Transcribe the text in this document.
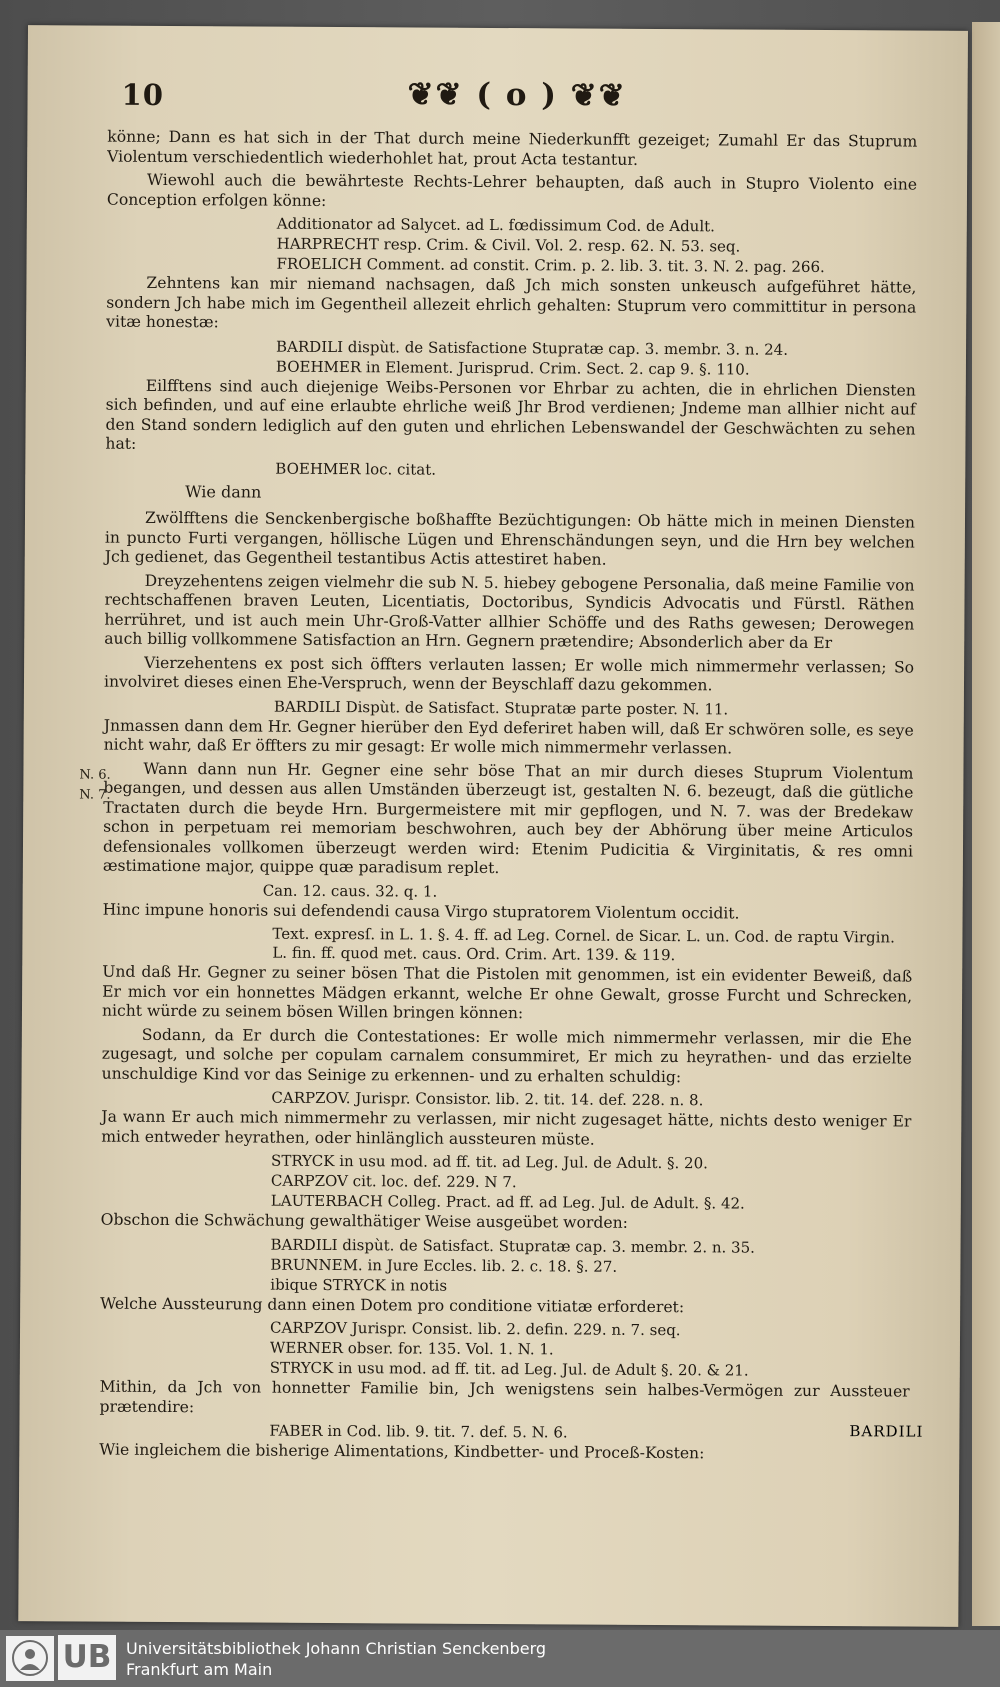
10	❦❦ ( o ) ❦❦
könne; Dann es hat sich in der That durch meine Niederkunfft gezeiget; Zumahl Er das Stuprum Violentum verschiedentlich wiederhohlet hat, prout Acta testantur.
Wiewohl auch die bewährteste Rechts-Lehrer behaupten, daß auch in Stupro Violento eine Conception erfolgen könne:
Additionator ad Salycet. ad L. fœdissimum Cod. de Adult.
HARPRECHT resp. Crim. & Civil. Vol. 2. resp. 62. N. 53. seq.
FROELICH Comment. ad constit. Crim. p. 2. lib. 3. tit. 3. N. 2. pag. 266.
Zehntens kan mir niemand nachsagen, daß Jch mich sonsten unkeusch aufgeführet hätte, sondern Jch habe mich im Gegentheil allezeit ehrlich gehalten: Stuprum vero committitur in persona vitæ honestæ:
BARDILI dispùt. de Satisfactione Stupratæ cap. 3. membr. 3. n. 24.
BOEHMER in Element. Jurisprud. Crim. Sect. 2. cap 9. §. 110.
Eilfftens sind auch diejenige Weibs-Personen vor Ehrbar zu achten, die in ehrlichen Diensten sich befinden, und auf eine erlaubte ehrliche weiß Jhr Brod verdienen; Jndeme man allhier nicht auf den Stand sondern lediglich auf den guten und ehrlichen Lebenswandel der Geschwächten zu sehen hat:
BOEHMER loc. citat.
Wie dann
Zwölfftens die Senckenbergische boßhaffte Bezüchtigungen: Ob hätte mich in meinen Diensten in puncto Furti vergangen, höllische Lügen und Ehrenschändungen seyn, und die Hrn bey welchen Jch gedienet, das Gegentheil testantibus Actis attestiret haben.
Dreyzehentens zeigen vielmehr die sub N. 5. hiebey gebogene Personalia, daß meine Familie von rechtschaffenen braven Leuten, Licentiatis, Doctoribus, Syndicis Advocatis und Fürstl. Räthen herrühret, und ist auch mein Uhr-Groß-Vatter allhier Schöffe und des Raths gewesen; Derowegen auch billig vollkommene Satisfaction an Hrn. Gegnern prætendire; Absonderlich aber da Er
Vierzehentens ex post sich öffters verlauten lassen; Er wolle mich nimmermehr verlassen; So involviret dieses einen Ehe-Verspruch, wenn der Beyschlaff dazu gekommen.
BARDILI Dispùt. de Satisfact. Stupratæ parte poster. N. 11.
Jnmassen dann dem Hr. Gegner hierüber den Eyd deferiret haben will, daß Er schwören solle, es seye nicht wahr, daß Er öffters zu mir gesagt: Er wolle mich nimmermehr verlassen.
Wann dann nun Hr. Gegner eine sehr böse That an mir durch dieses Stuprum Violentum begangen, und dessen aus allen Umständen überzeugt ist, gestalten N. 6. bezeugt, daß die gütliche Tractaten durch die beyde Hrn. Burgermeistere mit mir gepflogen, und N. 7. was der Bredekaw schon in perpetuam rei memoriam beschwohren, auch bey der Abhörung über meine Articulos defensionales vollkomen überzeugt werden wird: Etenim Pudicitia & Virginitatis, & res omni æstimatione major, quippe quæ paradisum replet.
Can. 12. caus. 32. q. 1.
Hinc impune honoris sui defendendi causa Virgo stupratorem Violentum occidit.
Text. expresſ. in L. 1. §. 4. ff. ad Leg. Cornel. de Sicar. L. un. Cod. de raptu Virgin. L. fin. ff. quod met. caus. Ord. Crim. Art. 139. & 119.
Und daß Hr. Gegner zu seiner bösen That die Pistolen mit genommen, ist ein evidenter Beweiß, daß Er mich vor ein honnettes Mädgen erkannt, welche Er ohne Gewalt, grosse Furcht und Schrecken, nicht würde zu seinem bösen Willen bringen können:
Sodann, da Er durch die Contestationes: Er wolle mich nimmermehr verlassen, mir die Ehe zugesagt, und solche per copulam carnalem consummiret, Er mich zu heyrathen- und das erzielte unschuldige Kind vor das Seinige zu erkennen- und zu erhalten schuldig:
CARPZOV. Jurispr. Consistor. lib. 2. tit. 14. def. 228. n. 8.
Ja wann Er auch mich nimmermehr zu verlassen, mir nicht zugesaget hätte, nichts desto weniger Er mich entweder heyrathen, oder hinlänglich aussteuren müste.
STRYCK in usu mod. ad ff. tit. ad Leg. Jul. de Adult. §. 20.
CARPZOV cit. loc. def. 229. N 7.
LAUTERBACH Colleg. Pract. ad ff. ad Leg. Jul. de Adult. §. 42.
Obschon die Schwächung gewalthätiger Weise ausgeübet worden:
BARDILI dispùt. de Satisfact. Stupratæ cap. 3. membr. 2. n. 35.
BRUNNEM. in Jure Eccles. lib. 2. c. 18. §. 27.
ibique STRYCK in notis
Welche Aussteurung dann einen Dotem pro conditione vitiatæ erforderet:
CARPZOV Jurispr. Consist. lib. 2. defin. 229. n. 7. seq.
WERNER obser. for. 135. Vol. 1. N. 1.
STRYCK in usu mod. ad ff. tit. ad Leg. Jul. de Adult §. 20. & 21.
Mithin, da Jch von honnetter Familie bin, Jch wenigstens sein halbes-Vermögen zur Aussteuer prætendire:
FABER in Cod. lib. 9. tit. 7. def. 5. N. 6.
Wie ingleichem die bisherige Alimentations, Kindbetter- und Proceß-Kosten:
N. 6.
N. 7.
BARDILI
UB Universitätsbibliothek Johann Christian Senckenberg
Frankfurt am Main
